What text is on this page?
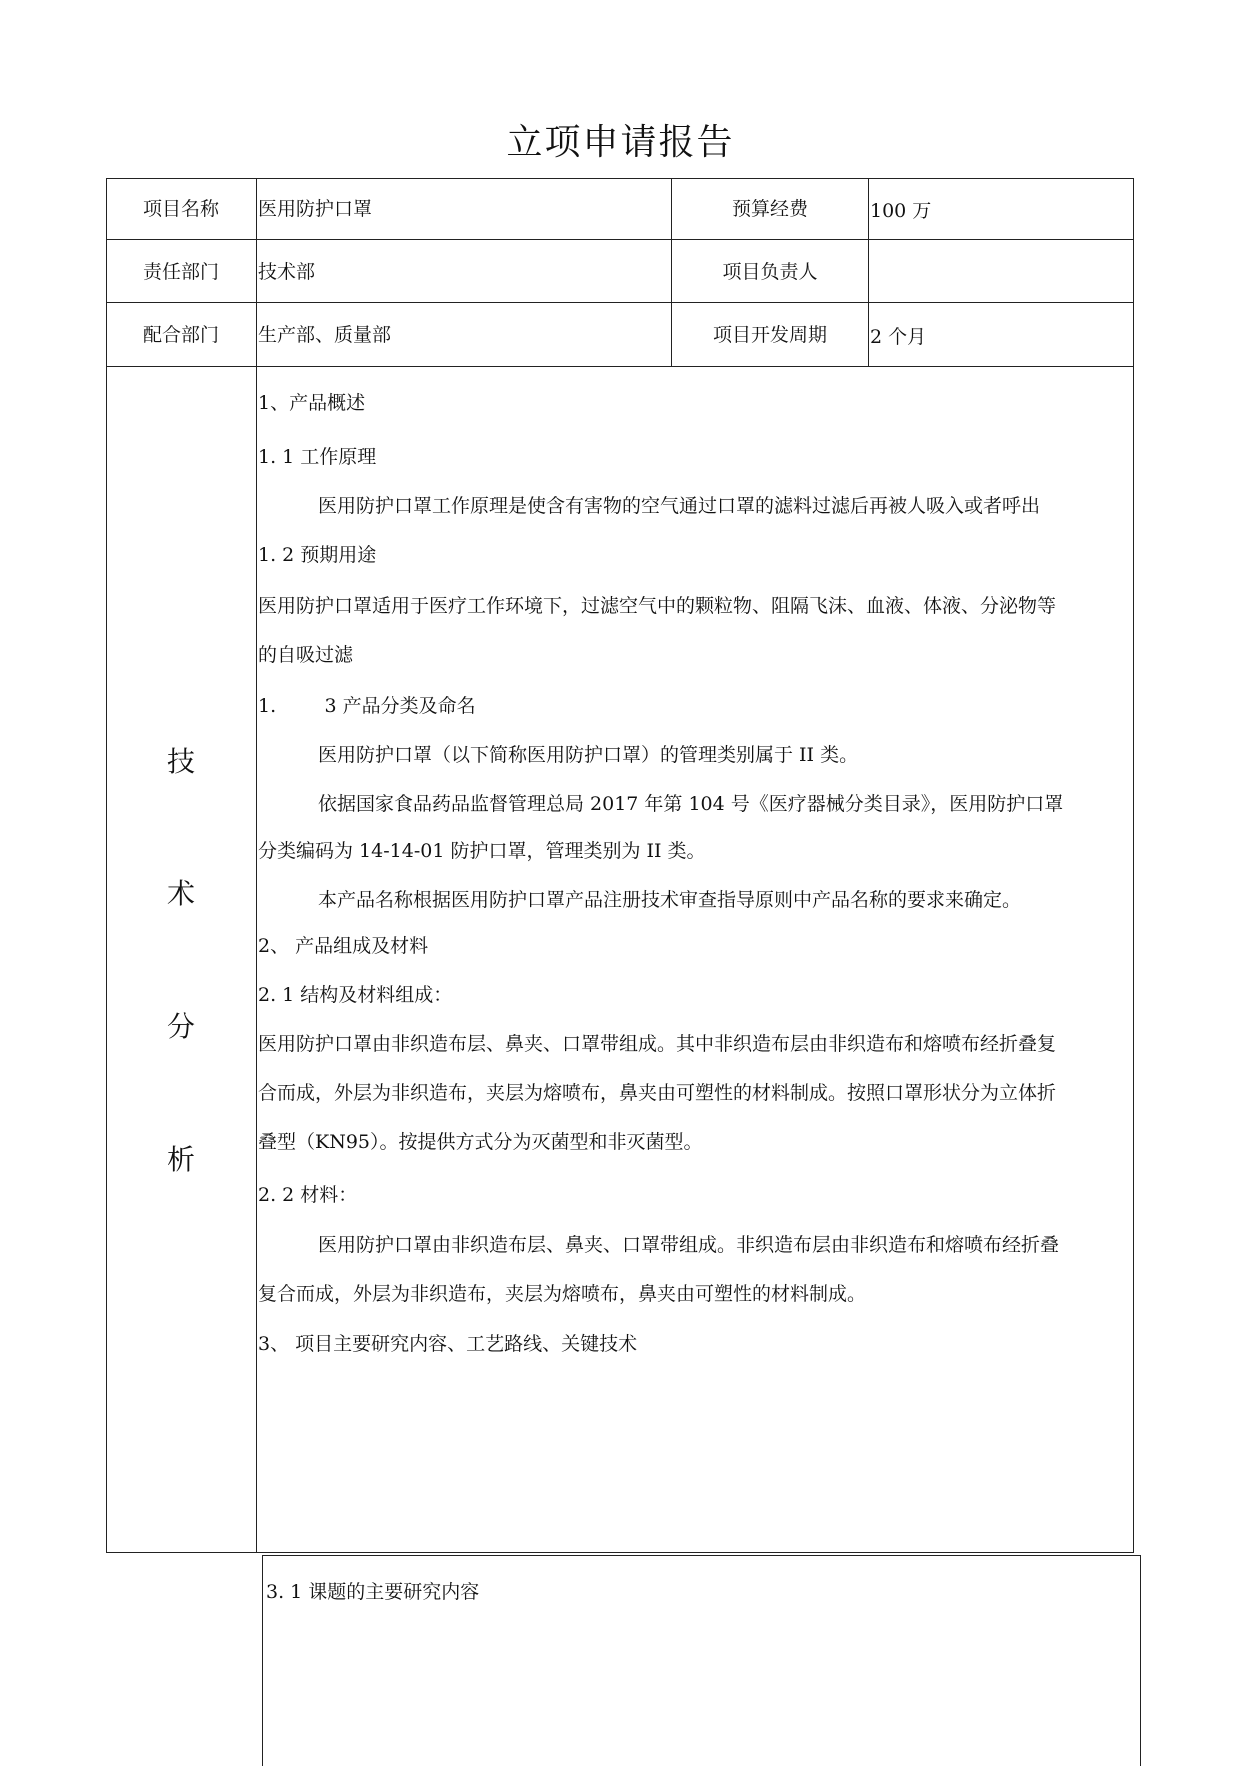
立项申请报告
项目名称	医用防护口罩	预算经费	100 万
责任部门	技术部	项目负责人
配合部门	生产部、质量部	项目开发周期	2 个月
技
术
分
析
1、产品概述
1. 1 工作原理
医用防护口罩工作原理是使含有害物的空气通过口罩的滤料过滤后再被人吸入或者呼出
1. 2 预期用途
医用防护口罩适用于医疗工作环境下，过滤空气中的颗粒物、阻隔飞沫、血液、体液、分泌物等
的自吸过滤
1.        3 产品分类及命名
医用防护口罩（以下简称医用防护口罩）的管理类别属于 II 类。
依据国家食品药品监督管理总局 2017 年第 104 号《医疗器械分类目录》，医用防护口罩
分类编码为 14-14-01 防护口罩，管理类别为 II 类。
本产品名称根据医用防护口罩产品注册技术审查指导原则中产品名称的要求来确定。
2、 产品组成及材料
2. 1 结构及材料组成：
医用防护口罩由非织造布层、鼻夹、口罩带组成。其中非织造布层由非织造布和熔喷布经折叠复
合而成，外层为非织造布，夹层为熔喷布，鼻夹由可塑性的材料制成。按照口罩形状分为立体折
叠型（KN95）。按提供方式分为灭菌型和非灭菌型。
2. 2 材料：
医用防护口罩由非织造布层、鼻夹、口罩带组成。非织造布层由非织造布和熔喷布经折叠
复合而成，外层为非织造布，夹层为熔喷布，鼻夹由可塑性的材料制成。
3、 项目主要研究内容、工艺路线、关键技术
3. 1 课题的主要研究内容
